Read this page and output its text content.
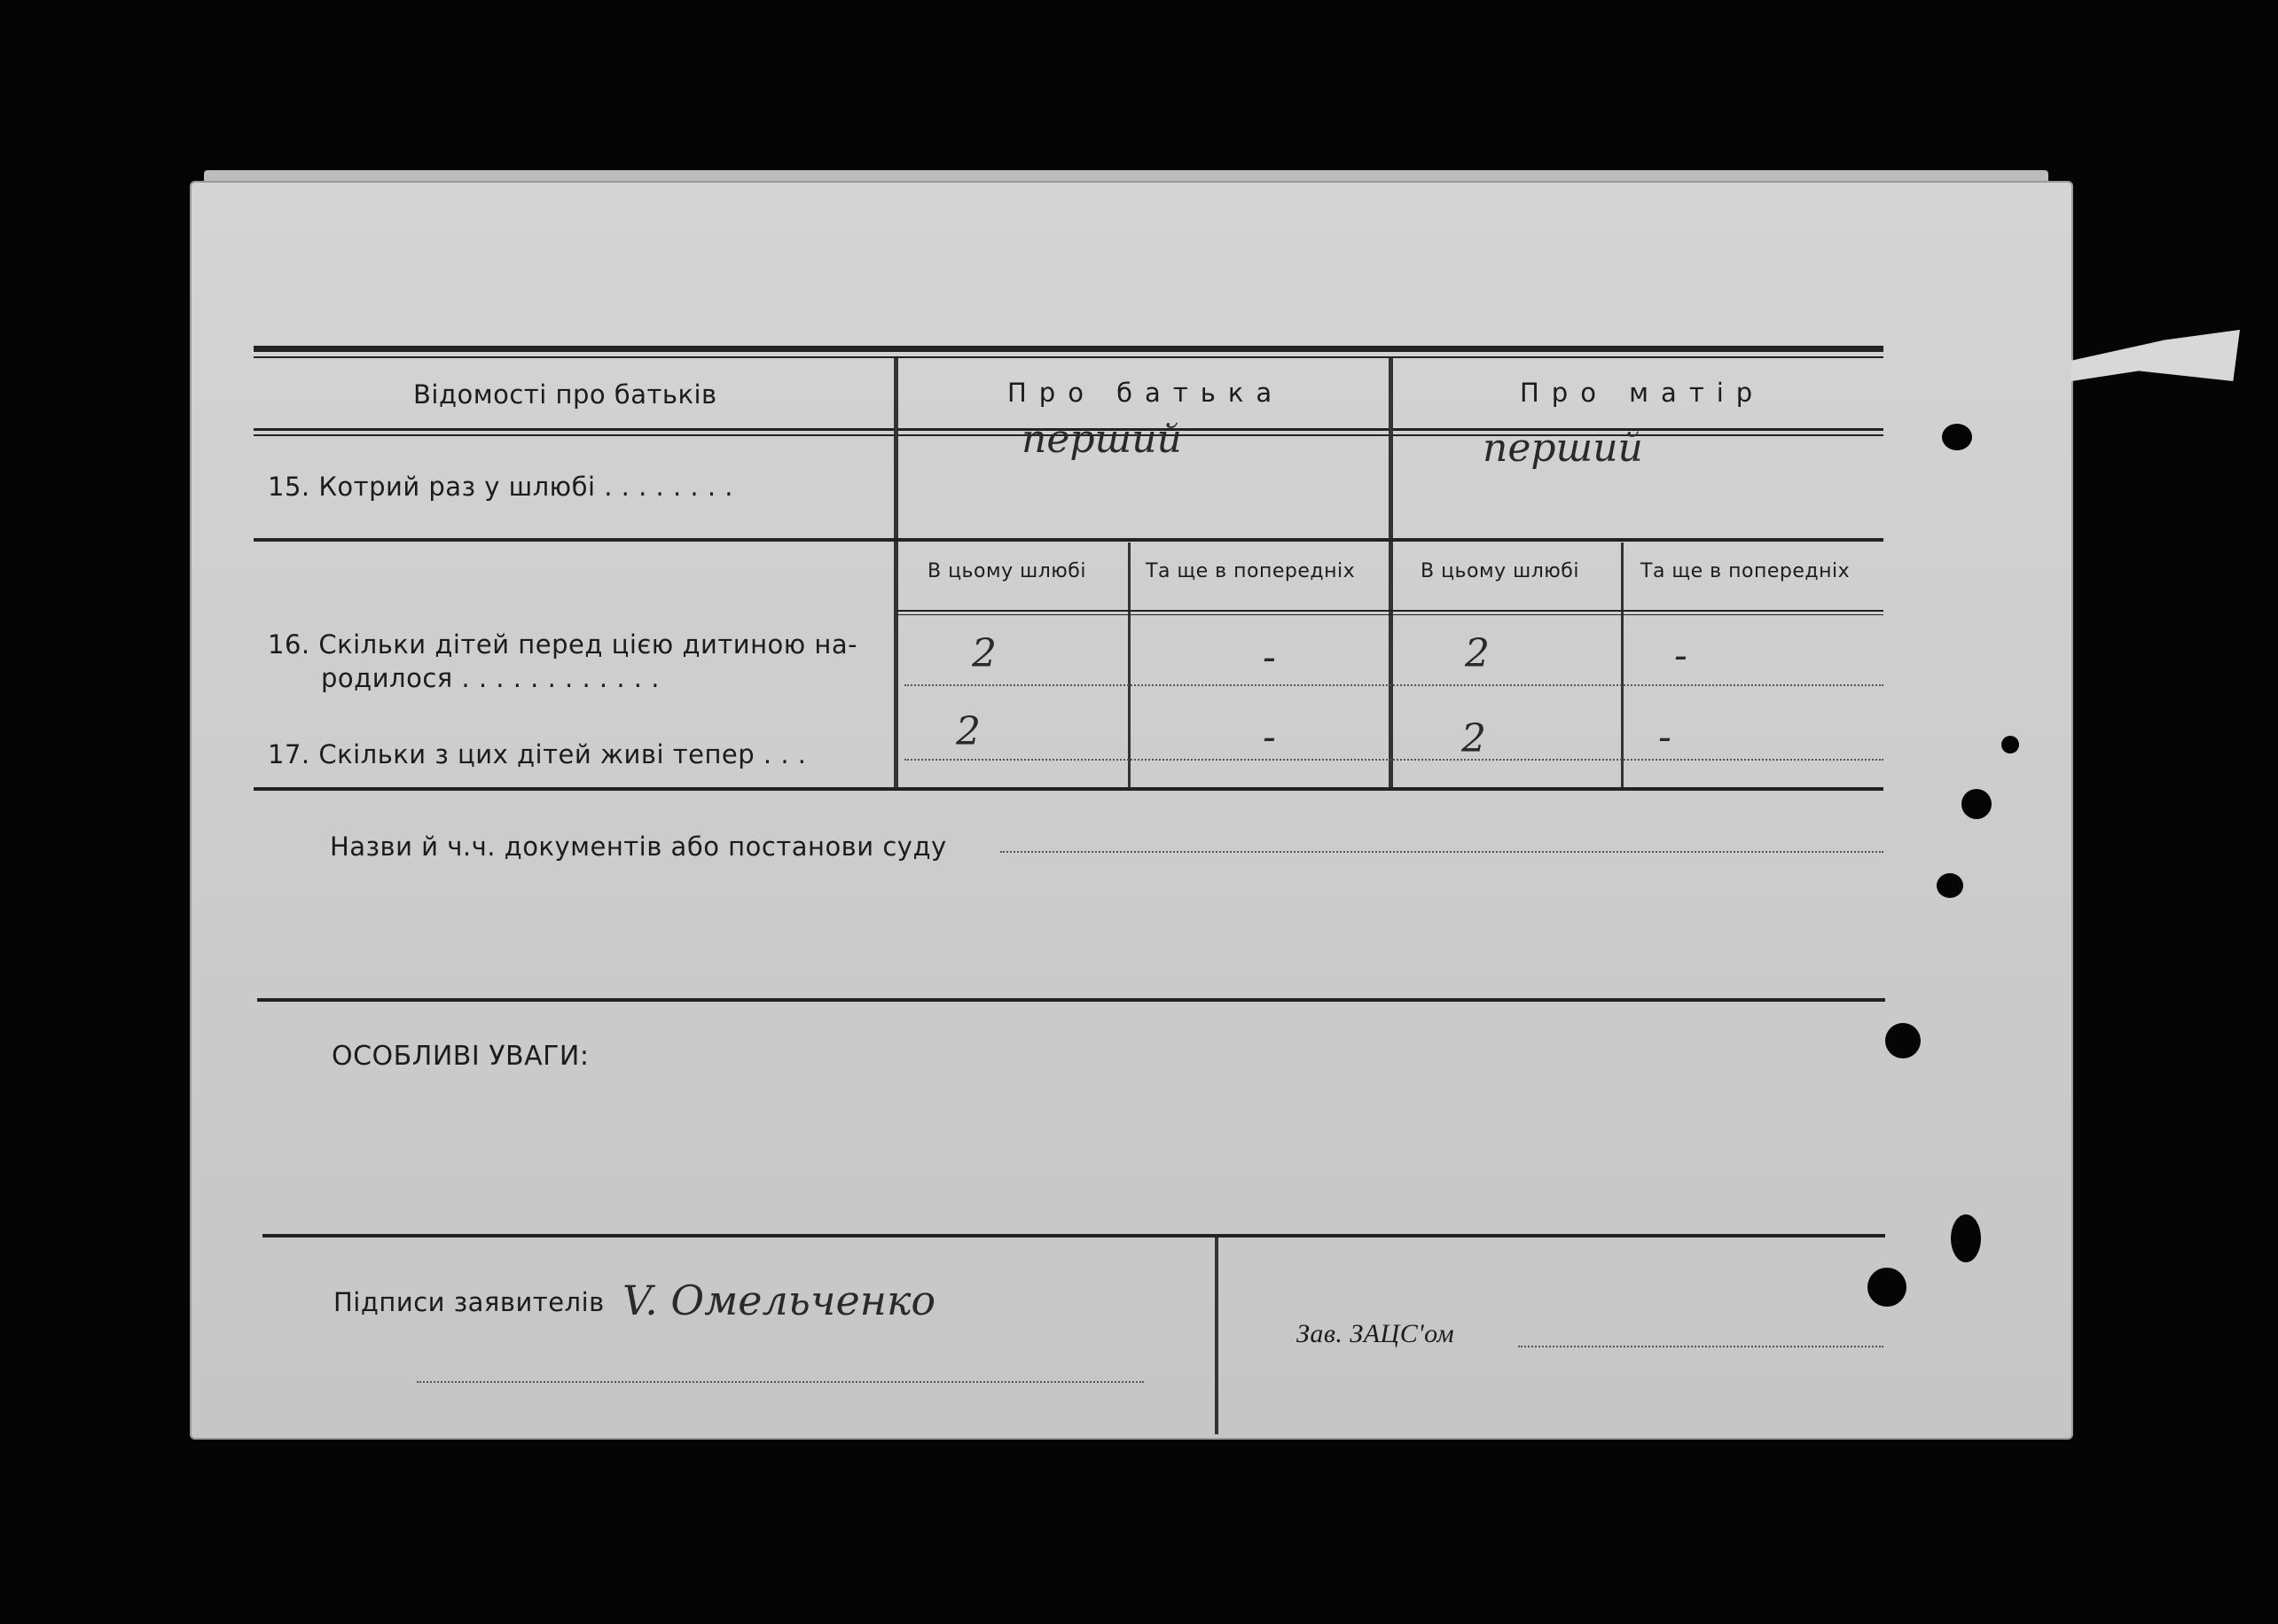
Відомості про батьків	Про батька	Про матір
15. Котрий раз у шлюбі . . . . . . . .
перший	перший
В цьому шлюбі	Та ще в попередніх	В цьому шлюбі	Та ще в попередніх
16. Скільки дітей перед цією дитиною на-
родилося . . . . . . . . . . . .
2	-	2	-
17. Скільки з цих дітей живі тепер . . .	2	-	2	-
Назви й ч.ч. документів або постанови суду
ОСОБЛИВІ УВАГИ:
Підписи заявителів V. Омельченко
Зав. ЗАЦС'ом
